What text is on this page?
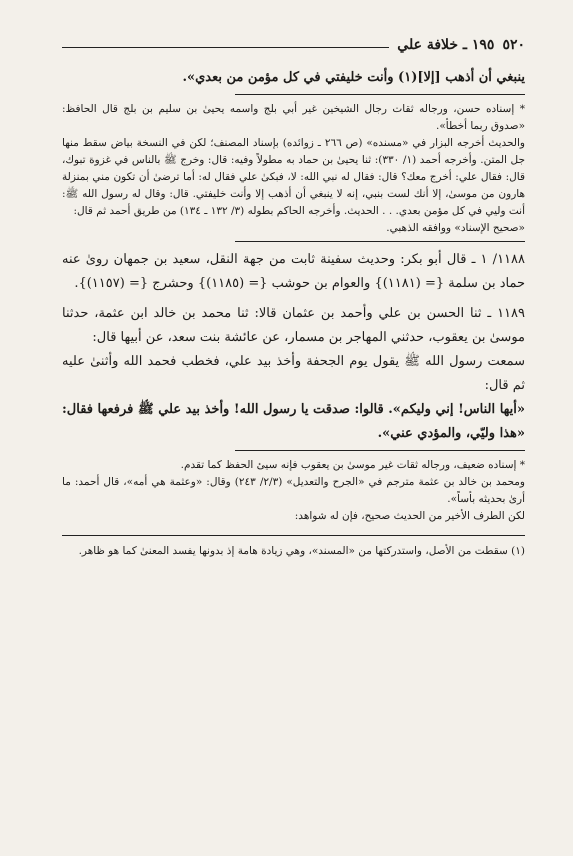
٥٢٠
١٩٥ ـ خلافة علي

ينبغي أن أذهب [إلا](١) وأنت خليفتي في كل مؤمن من بعدي».

* إسناده حسن، ورجاله ثقات رجال الشيخين غير أبي بلج واسمه يحيىٰ بن سليم بن بلج قال الحافظ: «صدوق ربما أخطأ».

والحديث أخرجه البزار في «مسنده» (ص ٢٦٦ ـ زوائده) بإسناد المصنف؛ لكن في النسخة بياض سقط منها جل المتن. وأخرجه أحمد (١/ ٣٣٠): ثنا يحيىٰ بن حماد به مطولاً وفيه: قال: وخرج ﷺ بالناس في غزوة تبوك، قال: فقال علي: أخرج معك؟ قال: فقال له نبي الله: لا، فبكىٰ علي فقال له: أما ترضىٰ أن تكون مني بمنزلة هارون من موسىٰ، إلا أنك لست بنبي، إنه لا ينبغي أن أذهب إلا وأنت خليفتي. قال: وقال له رسول الله ﷺ: أنت وليي في كل مؤمن بعدي. . . الحديث. وأخرجه الحاكم بطوله (٣/ ١٣٢ ـ ١٣٤) من طريق أحمد ثم قال:

«صحيح الإسناد» ووافقه الذهبي.

١١٨٨/ ١ ـ قال أبو بكر: وحديث سفينة ثابت من جهة النقل، سعيد بن جمهان روىٰ عنه حماد بن سلمة {= (١١٨١)} والعوام بن حوشب {= (١١٨٥)} وحشرج {= (١١٥٧)}.

١١٨٩ ـ ثنا الحسن بن علي وأحمد بن عثمان قالا: ثنا محمد بن خالد ابن عثمة، حدثنا موسىٰ بن يعقوب، حدثني المهاجر بن مسمار، عن عائشة بنت سعد، عن أبيها قال:

سمعت رسول الله ﷺ يقول يوم الجحفة وأخذ بيد علي، فخطب فحمد الله وأثنىٰ عليه ثم قال:

«أيها الناس! إني وليكم». قالوا: صدقت يا رسول الله! وأخذ بيد علي ﷺ فرفعها فقال: «هذا وليّي، والمؤدي عني».

* إسناده ضعيف، ورجاله ثقات غير موسىٰ بن يعقوب فإنه سيئ الحفظ كما تقدم.

ومحمد بن خالد بن عثمة مترجم في «الجرح والتعديل» (٢/٣/ ٢٤٣) وقال: «وعثمة هي أمه»، قال أحمد: ما أرىٰ بحديثه بأساً».

لكن الطرف الأخير من الحديث صحيح، فإن له شواهد:

(١) سقطت من الأصل، واستدركتها من «المسند»، وهي زيادة هامة إذ بدونها يفسد المعنىٰ كما هو ظاهر.
